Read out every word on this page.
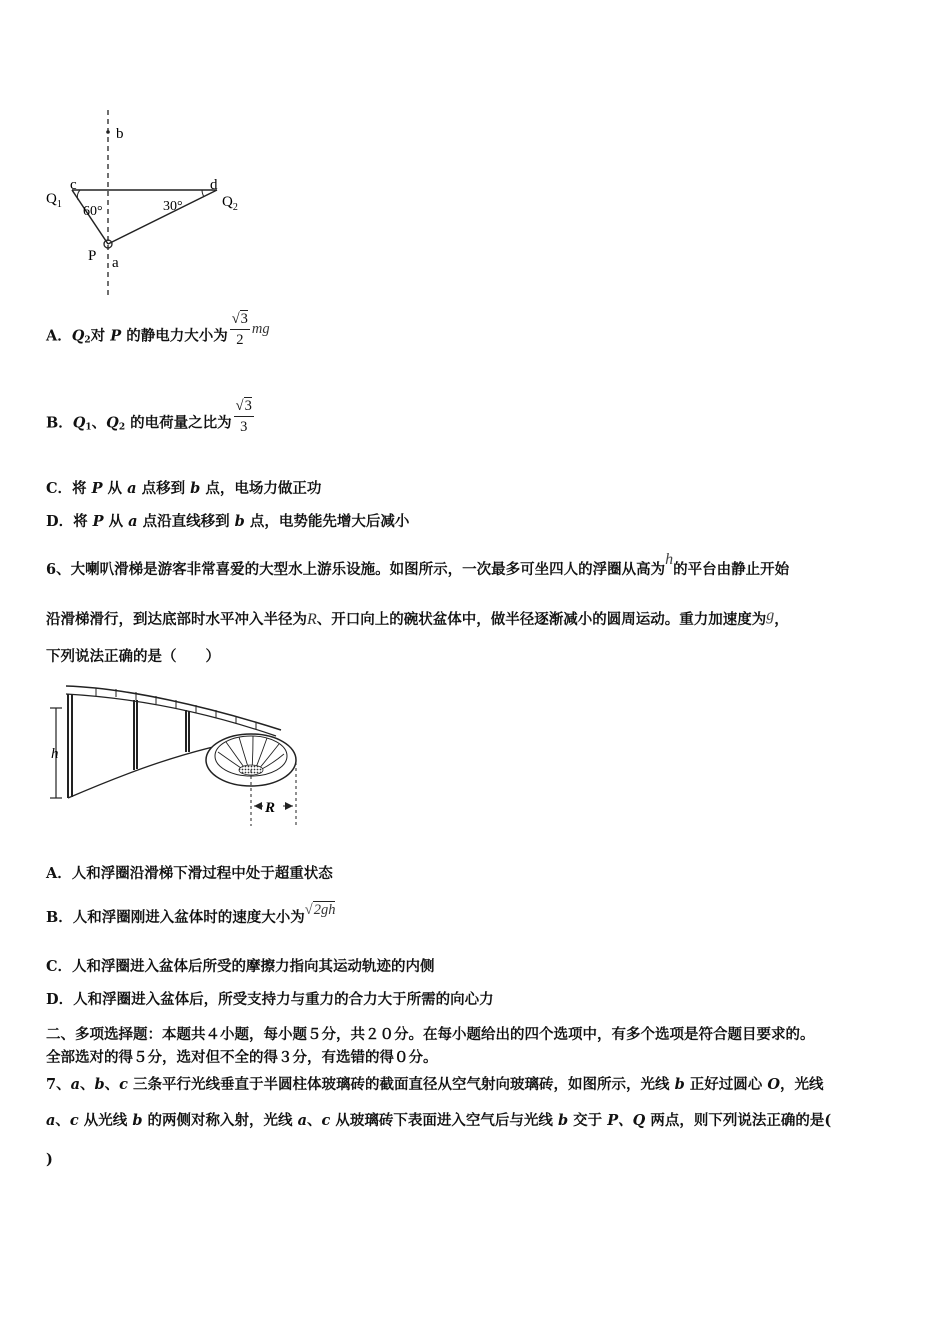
b
c	d
$Q_1$	$Q_2$
60°	30°
P a
A．$Q_2$对 P 的静电力大小为 $\frac{√3}{2}$ mg
B．$Q_1$、$Q_2$ 的电荷量之比为 $\frac{√3}{3}$
C．将 P 从 a 点移到 b 点，电场力做正功
D．将 P 从 a 点沿直线移到 b 点，电势能先增大后减小
6、大喇叭滑梯是游客非常喜爱的大型水上游乐设施。如图所示，一次最多可坐四人的浮圈从高为h的平台由静止开始
沿滑梯滑行，到达底部时水平冲入半径为R、开口向上的碗状盆体中，做半径逐渐减小的圆周运动。重力加速度为g，
下列说法正确的是（　　）
h
R
A．人和浮圈沿滑梯下滑过程中处于超重状态
B．人和浮圈刚进入盆体时的速度大小为√2gh
C．人和浮圈进入盆体后所受的摩擦力指向其运动轨迹的内侧
D．人和浮圈进入盆体后，所受支持力与重力的合力大于所需的向心力
二、多项选择题：本题共４小题，每小题５分，共２０分。在每小题给出的四个选项中，有多个选项是符合题目要求的。
全部选对的得５分，选对但不全的得３分，有选错的得０分。
7、a、b、c 三条平行光线垂直于半圆柱体玻璃砖的截面直径从空气射向玻璃砖，如图所示，光线 b 正好过圆心 O，光线
a、c 从光线 b 的两侧对称入射，光线 a、c 从玻璃砖下表面进入空气后与光线 b 交于 P、Q 两点，则下列说法正确的是(
)
